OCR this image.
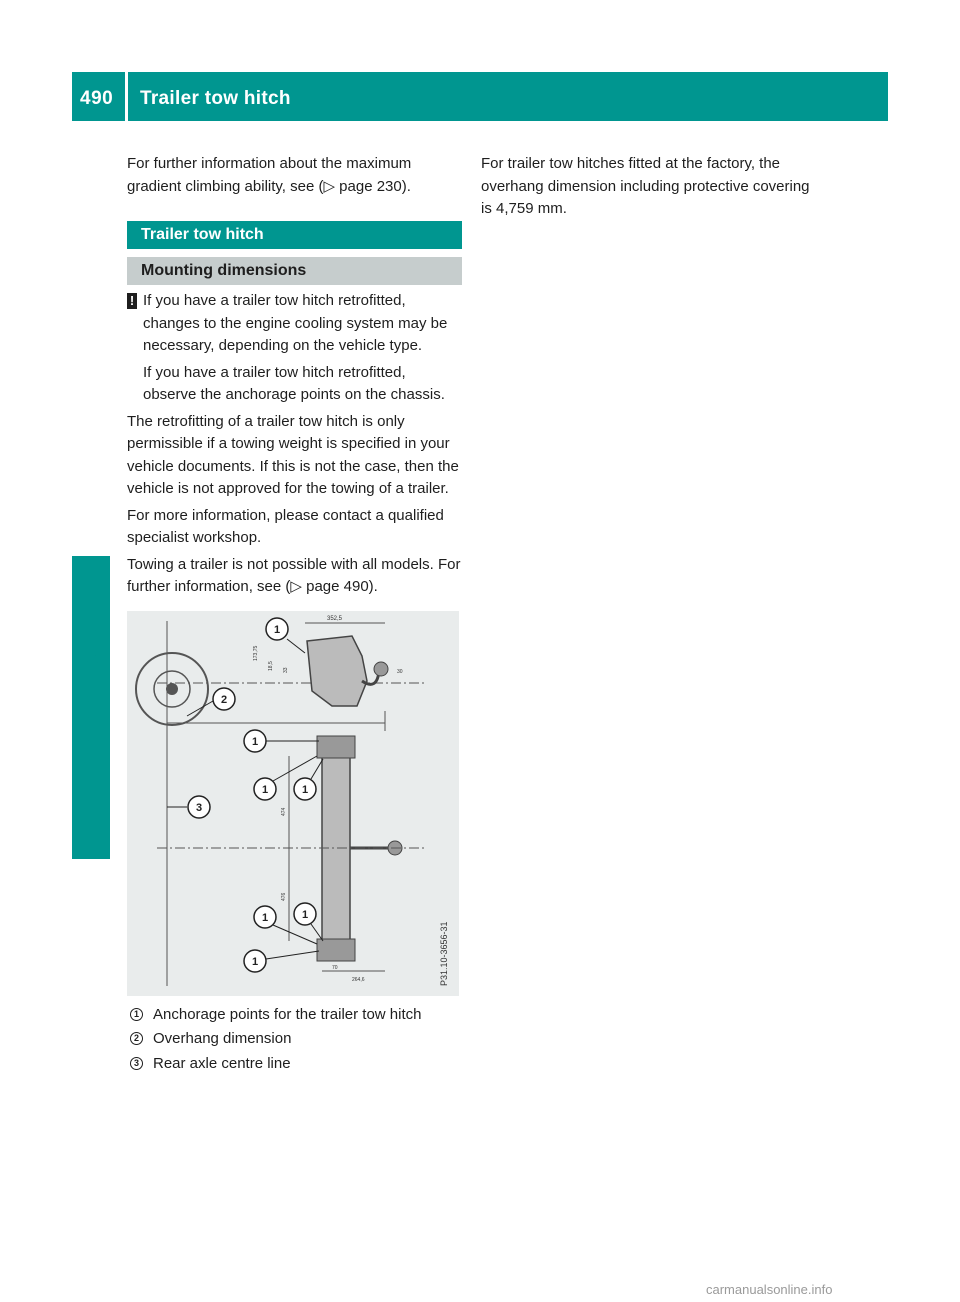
490	Trailer tow hitch
Technical data

For further information about the maximum gradient climbing ability, see (▷ page 230).

Trailer tow hitch
Mounting dimensions
! If you have a trailer tow hitch retrofitted, changes to the engine cooling system may be necessary, depending on the vehicle type.

If you have a trailer tow hitch retrofitted, observe the anchorage points on the chassis.

The retrofitting of a trailer tow hitch is only permissible if a towing weight is specified in your vehicle documents. If this is not the case, then the vehicle is not approved for the towing of a trailer.

For more information, please contact a qualified specialist workshop.

Towing a trailer is not possible with all models. For further information, see (▷ page 490).

352,5
173,75
18,5 33	30
474
476
70
264,6	P31.10-3656-31
1
2
1
1	1
3
1	1
1
1 Anchorage points for the trailer tow hitch
2 Overhang dimension
3 Rear axle centre line

For trailer tow hitches fitted at the factory, the overhang dimension including protective covering is 4,759 mm.

carmanualsonline.info
